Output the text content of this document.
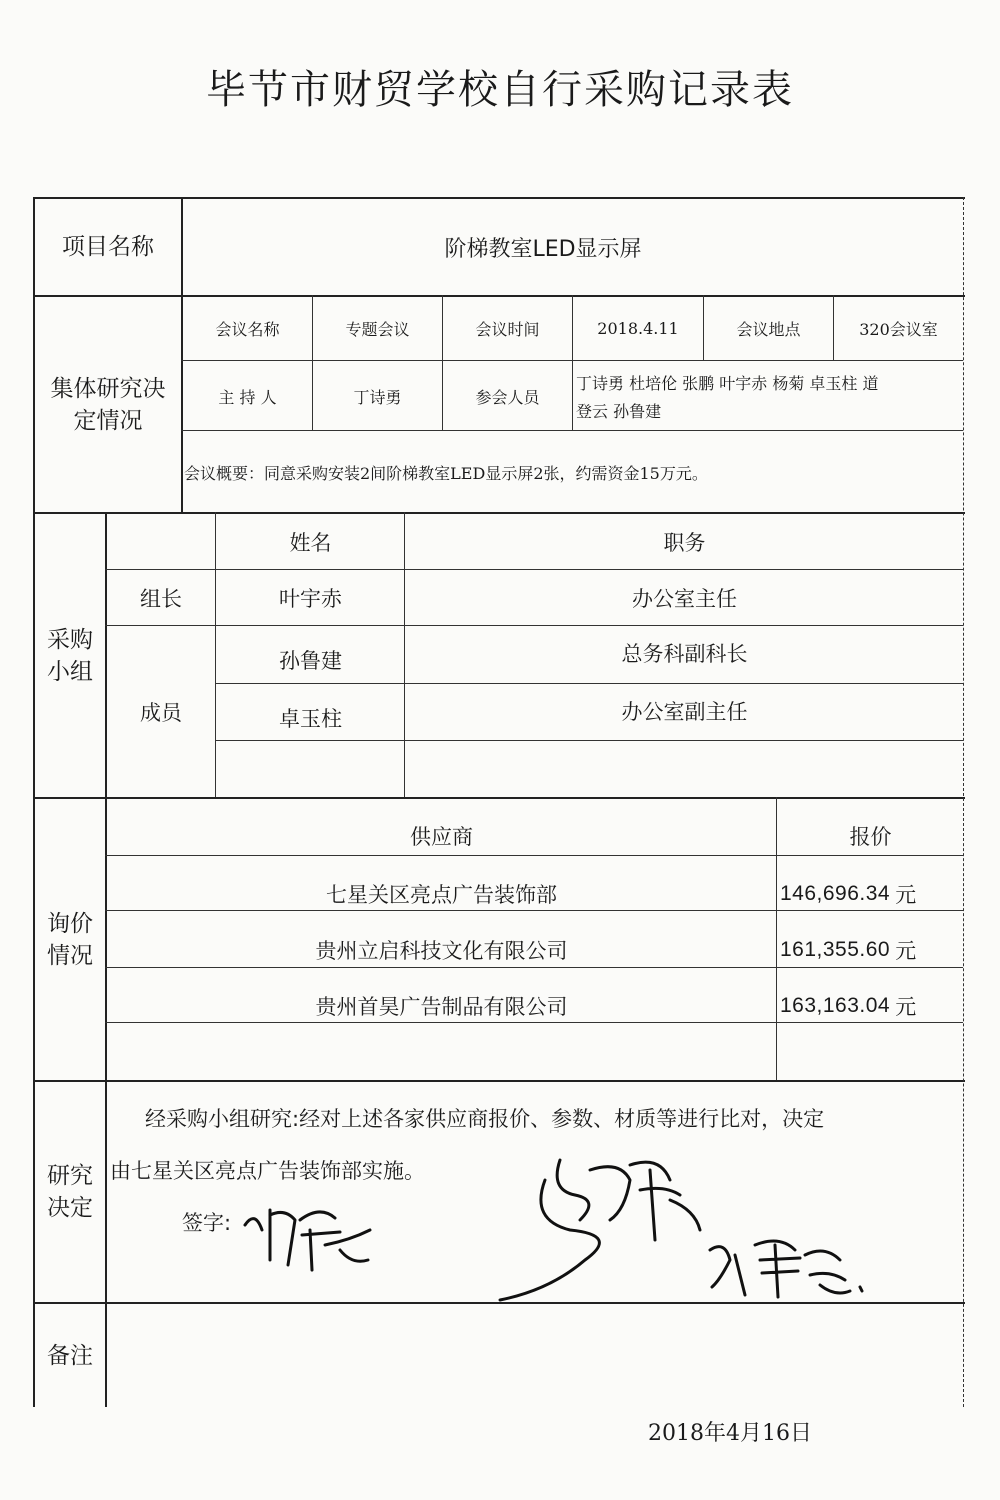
毕节市财贸学校自行采购记录表
项目名称	阶梯教室LED显示屏
集体研究决定情况
会议名称	专题会议	会议时间	2018.4.11	会议地点	320会议室
主 持 人	丁诗勇	参会人员
丁诗勇 杜培伦 张鹏 叶宇赤 杨菊 卓玉柱 道
登云 孙鲁建
会议概要：同意采购安装2间阶梯教室LED显示屏2张，约需资金15万元。
采购小组
姓名	职务
组长	叶宇赤	办公室主任
成员
孙鲁建	总务科副科长
卓玉柱	办公室副主任
询价情况
供应商	报价
七星关区亮点广告装饰部	146,696.34
元
贵州立启科技文化有限公司	161,355.60
元
贵州首昊广告制品有限公司	163,163.04
元
研究决定
经采购小组研究:经对上述各家供应商报价、参数、材质等进行比对，决定
由七星关区亮点广告装饰部实施。
签字:
备注
2018年4月16日
